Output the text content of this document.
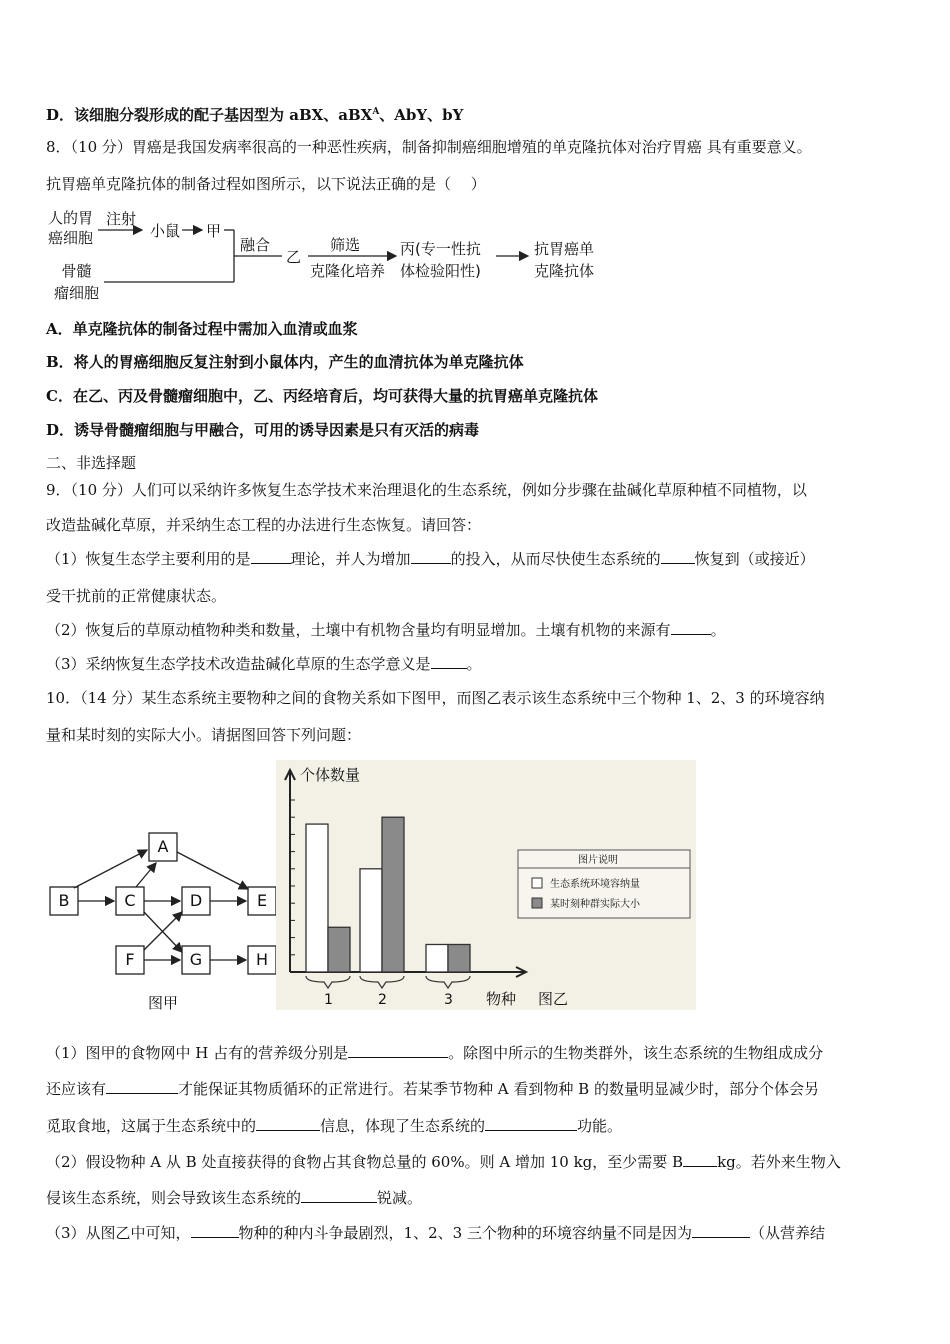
D．该细胞分裂形成的配子基因型为 aBX、aBX$^A$、AbY、bY
8．（10 分）胃癌是我国发病率很高的一种恶性疾病，制备抑制癌细胞增殖的单克隆抗体对治疗胃癌 具有重要意义。
抗胃癌单克隆抗体的制备过程如图所示，以下说法正确的是（　 ）
人的胃
癌细胞
注射
小鼠 甲
骨髓
瘤细胞
融合
乙
筛选
克隆化培养
丙(专一性抗
体检验阳性)
抗胃癌单
克隆抗体
A．单克隆抗体的制备过程中需加入血清或血浆
B．将人的胃癌细胞反复注射到小鼠体内，产生的血清抗体为单克隆抗体
C．在乙、丙及骨髓瘤细胞中，乙、丙经培育后，均可获得大量的抗胃癌单克隆抗体
D．诱导骨髓瘤细胞与甲融合，可用的诱导因素是只有灭活的病毒
二、非选择题
9．（10 分）人们可以采纳许多恢复生态学技术来治理退化的生态系统，例如分步骤在盐碱化草原种植不同植物，以
改造盐碱化草原，并采纳生态工程的办法进行生态恢复。请回答：
（1）恢复生态学主要利用的是	理论，并人为增加	的投入，从而尽快使生态系统的 恢复到（或接近）
受干扰前的正常健康状态。
（2）恢复后的草原动植物种类和数量，土壤中有机物含量均有明显增加。土壤有机物的来源有	。
（3）采纳恢复生态学技术改造盐碱化草原的生态学意义是 。
10．（14 分）某生态系统主要物种之间的食物关系如下图甲，而图乙表示该生态系统中三个物种 1、2、3 的环境容纳
量和某时刻的实际大小。请据图回答下列问题：
A
B	C	D	E
F	G	H
图甲
个体数量
物种 图乙
1	2	3
图片说明
生态系统环境容纳量
某时刻种群实际大小
（1）图甲的食物网中 H 占有的营养级分别是	。除图中所示的生物类群外，该生态系统的生物组成成分
还应该有	才能保证其物质循环的正常进行。若某季节物种 A 看到物种 B 的数量明显减少时，部分个体会另
觅取食地，这属于生态系统中的	信息，体现了生态系统的	功能。
（2）假设物种 A 从 B 处直接获得的食物占其食物总量的 60%。则 A 增加 10 kg，至少需要 B kg。若外来生物入
侵该生态系统，则会导致该生态系统的	锐减。
（3）从图乙中可知，	物种的种内斗争最剧烈，1、2、3 三个物种的环境容纳量不同是因为	（从营养结
